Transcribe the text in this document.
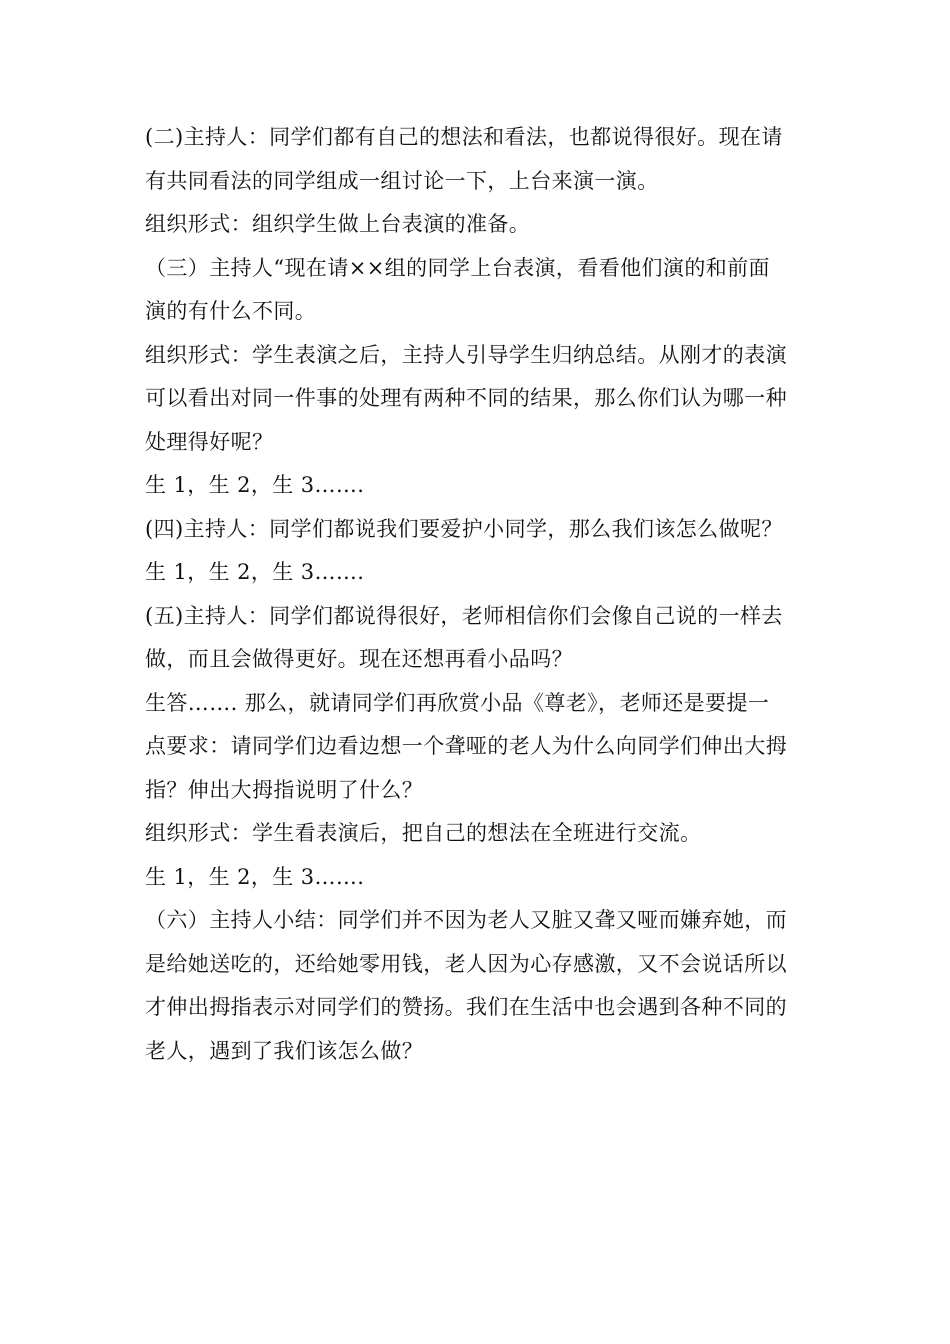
(二)主持人：同学们都有自己的想法和看法，也都说得很好。现在请
有共同看法的同学组成一组讨论一下，上台来演一演。
组织形式：组织学生做上台表演的准备。
（三）主持人“现在请××组的同学上台表演，看看他们演的和前面
演的有什么不同。
组织形式：学生表演之后，主持人引导学生归纳总结。从刚才的表演
可以看出对同一件事的处理有两种不同的结果，那么你们认为哪一种
处理得好呢？
生 1，生 2，生 3…….
(四)主持人：同学们都说我们要爱护小同学，那么我们该怎么做呢？
生 1，生 2，生 3…….
(五)主持人：同学们都说得很好，老师相信你们会像自己说的一样去
做，而且会做得更好。现在还想再看小品吗？
生答……. 那么，就请同学们再欣赏小品《尊老》，老师还是要提一
点要求：请同学们边看边想一个聋哑的老人为什么向同学们伸出大拇
指？伸出大拇指说明了什么？
组织形式：学生看表演后，把自己的想法在全班进行交流。
生 1，生 2，生 3…….
（六）主持人小结：同学们并不因为老人又脏又聋又哑而嫌弃她，而
是给她送吃的，还给她零用钱，老人因为心存感激，又不会说话所以
才伸出拇指表示对同学们的赞扬。我们在生活中也会遇到各种不同的
老人，遇到了我们该怎么做？
